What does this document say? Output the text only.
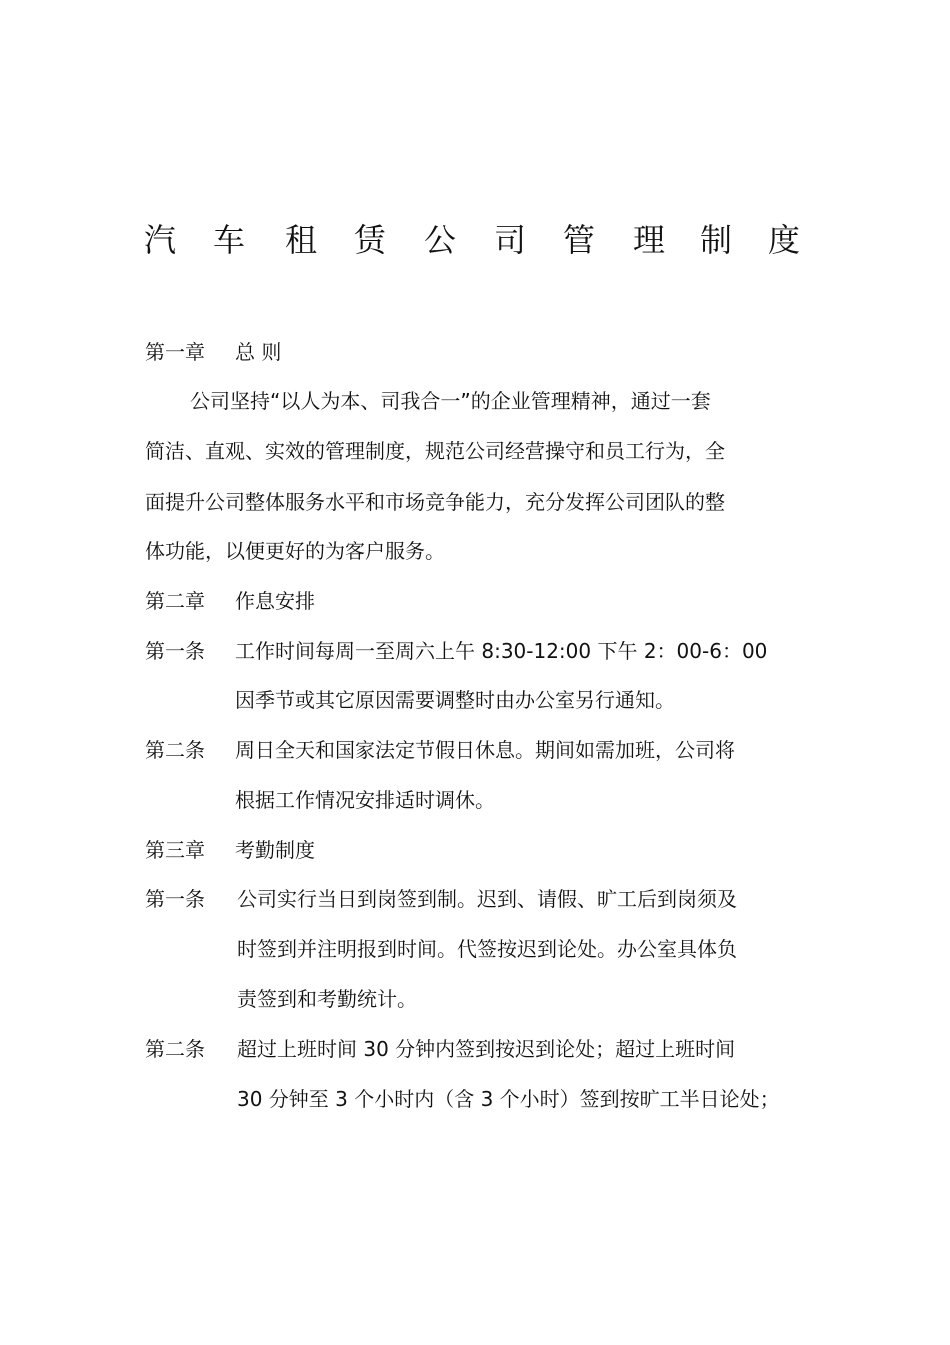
汽 车 租 赁 公 司 管 理 制 度
第一章 总 则
公司坚持“以人为本、司我合一”的企业管理精神，通过一套
简洁、直观、实效的管理制度，规范公司经营操守和员工行为，全
面提升公司整体服务水平和市场竞争能力，充分发挥公司团队的整
体功能，以便更好的为客户服务。
第二章 作息安排
第一条 工作时间每周一至周六上午 8:30-12:00 下午 2：00-6：00
因季节或其它原因需要调整时由办公室另行通知。
第二条 周日全天和国家法定节假日休息。期间如需加班，公司将
根据工作情况安排适时调休。
第三章 考勤制度
第一条 公司实行当日到岗签到制。迟到、请假、旷工后到岗须及
时签到并注明报到时间。代签按迟到论处。办公室具体负
责签到和考勤统计。
第二条 超过上班时间 30 分钟内签到按迟到论处；超过上班时间
30 分钟至 3 个小时内（含 3 个小时）签到按旷工半日论处；
